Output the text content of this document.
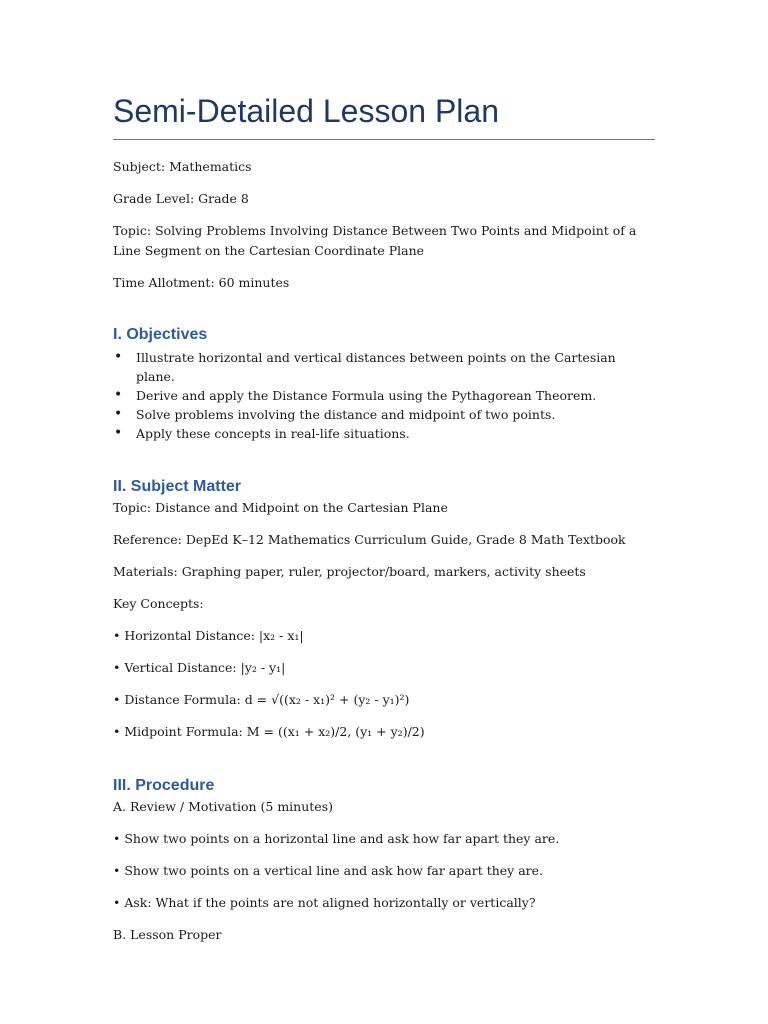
Semi-Detailed Lesson Plan

Subject: Mathematics

Grade Level: Grade 8

Topic: Solving Problems Involving Distance Between Two Points and Midpoint of a Line Segment on the Cartesian Coordinate Plane

Time Allotment: 60 minutes

I. Objectives
• Illustrate horizontal and vertical distances between points on the Cartesian plane.
• Derive and apply the Distance Formula using the Pythagorean Theorem.
• Solve problems involving the distance and midpoint of two points.
• Apply these concepts in real-life situations.
II. Subject Matter

Topic: Distance and Midpoint on the Cartesian Plane

Reference: DepEd K–12 Mathematics Curriculum Guide, Grade 8 Math Textbook

Materials: Graphing paper, ruler, projector/board, markers, activity sheets

Key Concepts:

• Horizontal Distance: |x₂ - x₁|

• Vertical Distance: |y₂ - y₁|

• Distance Formula: d = √((x₂ - x₁)² + (y₂ - y₁)²)

• Midpoint Formula: M = ((x₁ + x₂)/2, (y₁ + y₂)/2)

III. Procedure

A. Review / Motivation (5 minutes)

• Show two points on a horizontal line and ask how far apart they are.

• Show two points on a vertical line and ask how far apart they are.

• Ask: What if the points are not aligned horizontally or vertically?

B. Lesson Proper
